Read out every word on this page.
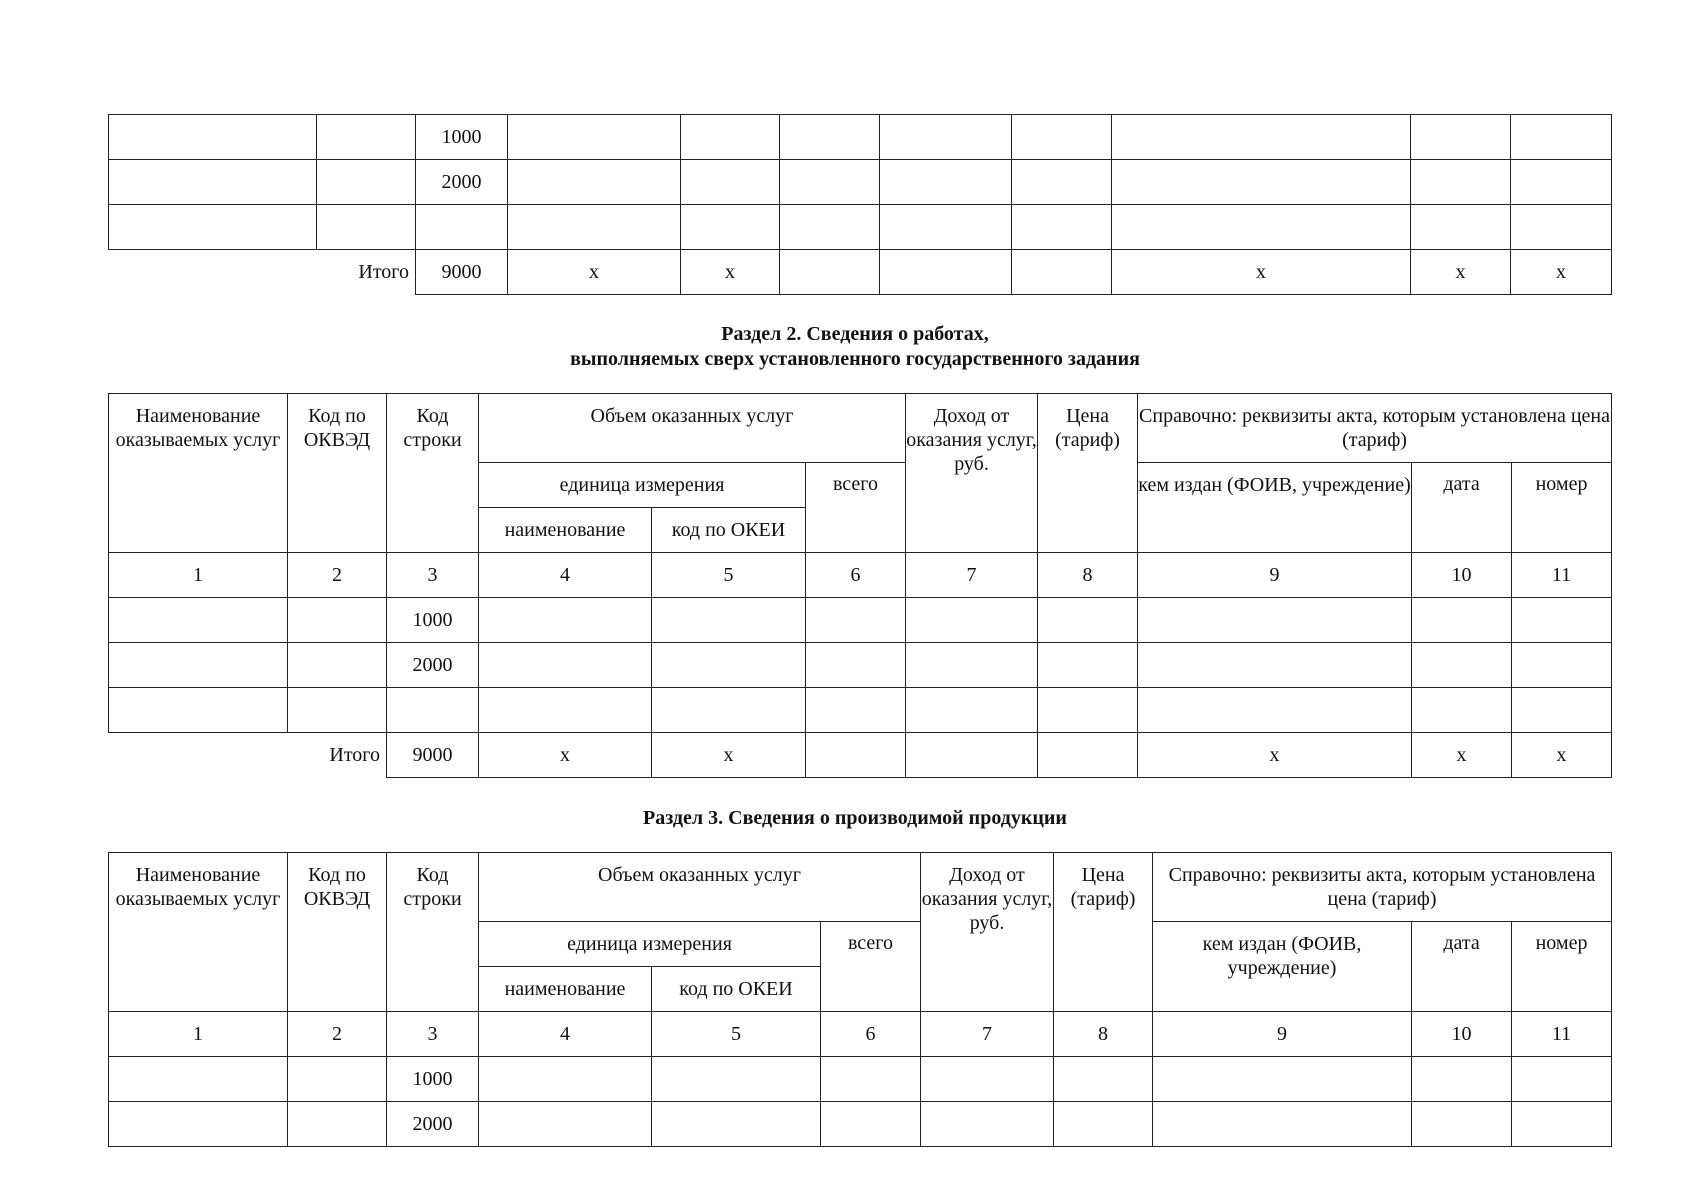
		1000								
		2000								

Итого		9000	x	x				x	x	x
Раздел 2. Сведения о работах,
выполняемых сверх установленного государственного задания
Наименование оказываемых услуг	Код по ОКВЭД	Код строки	Объем оказанных услуг			Доход от оказания услуг, руб.	Цена (тариф)	Справочно: реквизиты акта, которым установлена цена (тариф)		
			единица измерения		всего			кем издан (ФОИВ, учреждение)	дата	номер
			наименование	код по ОКЕИ						
1	2	3	4	5	6	7	8	9	10	11
		1000								
		2000								

Итого		9000	x	x				x	x	x
Раздел 3. Сведения о производимой продукции
Наименование оказываемых услуг	Код по ОКВЭД	Код строки	Объем оказанных услуг			Доход от оказания услуг, руб.	Цена (тариф)	Справочно: реквизиты акта, которым установлена цена (тариф)		
			единица измерения		всего			кем издан (ФОИВ, учреждение)	дата	номер
			наименование	код по ОКЕИ						
1	2	3	4	5	6	7	8	9	10	11
		1000								
		2000								
